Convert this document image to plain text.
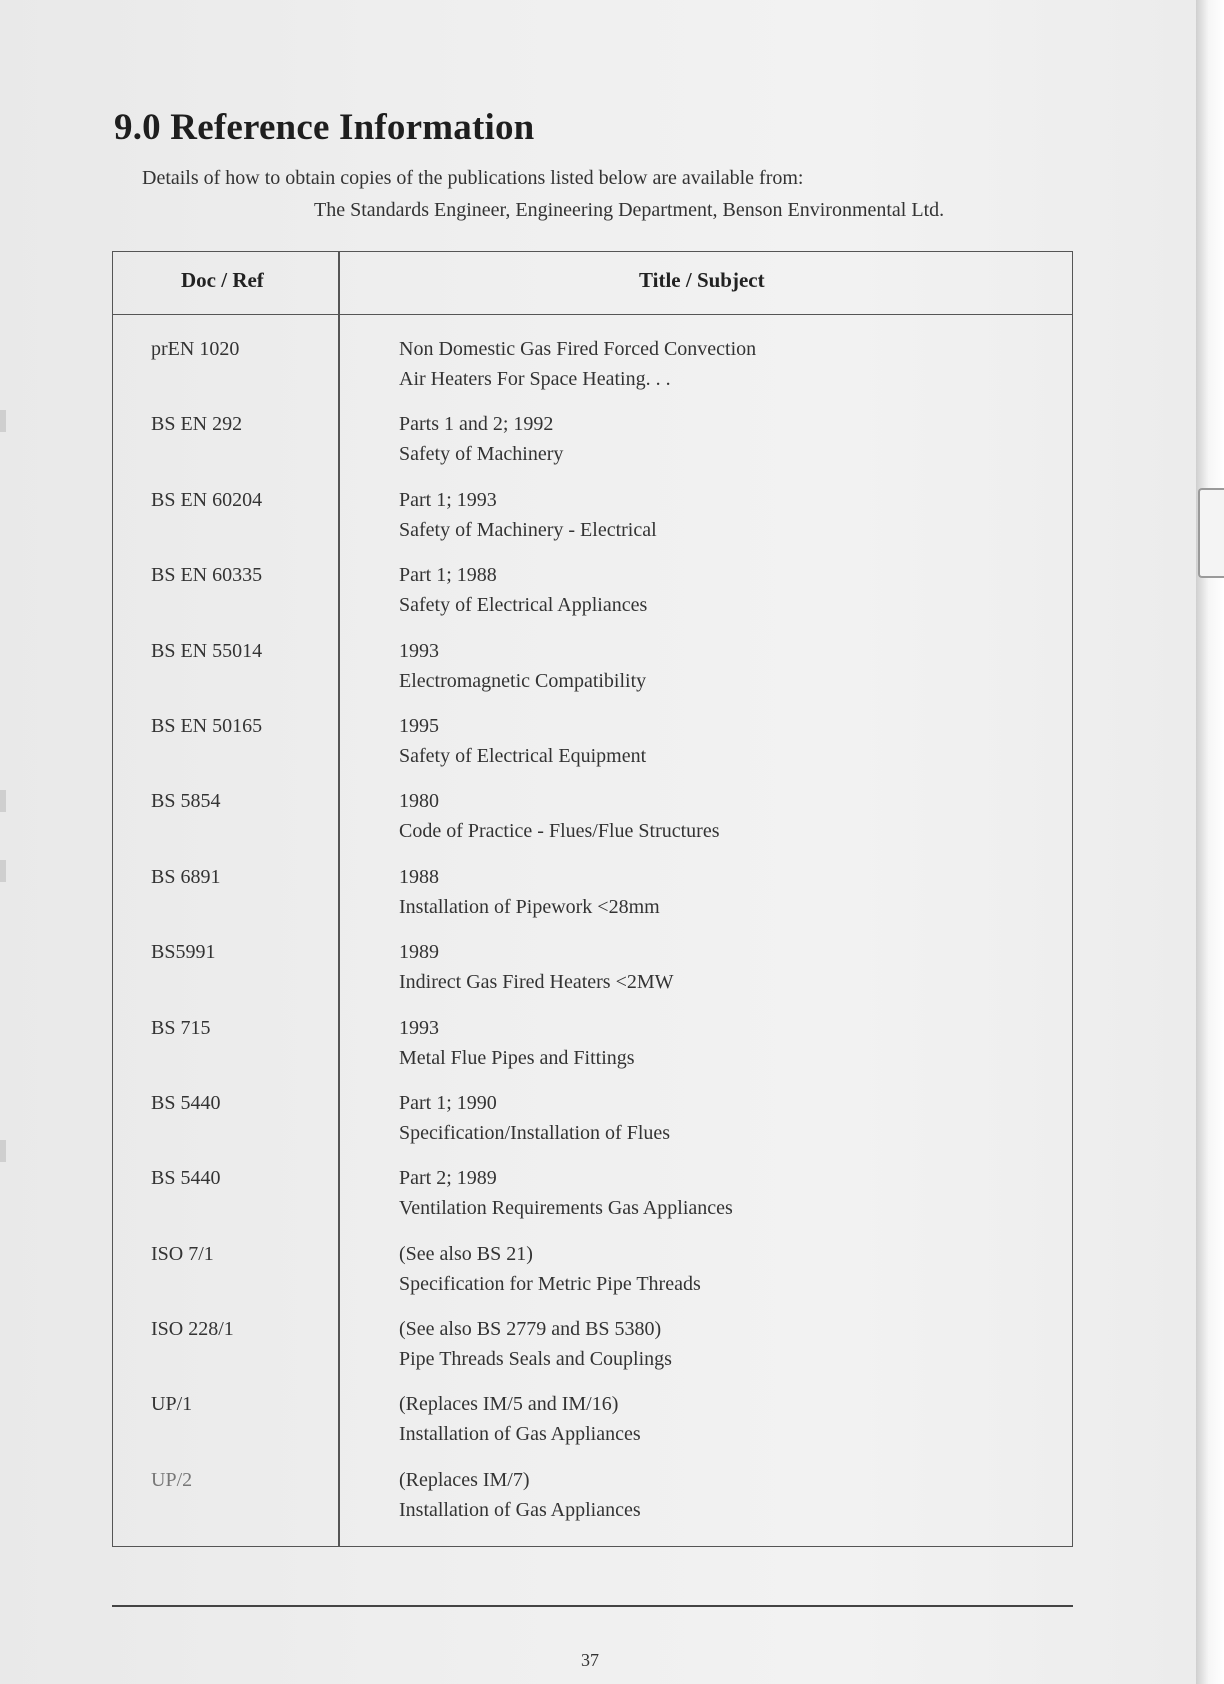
9.0 Reference Information

Details of how to obtain copies of the publications listed below are available from:

The Standards Engineer, Engineering Department, Benson Environmental Ltd.

Doc / Ref	Title / Subject
prEN 1020	Non Domestic Gas Fired Forced Convection
Air Heaters For Space Heating. . .
BS EN 292	Parts 1 and 2; 1992
Safety of Machinery
BS EN 60204	Part 1; 1993
Safety of Machinery - Electrical
BS EN 60335	Part 1; 1988
Safety of Electrical Appliances
BS EN 55014	1993
Electromagnetic Compatibility
BS EN 50165	1995
Safety of Electrical Equipment
BS 5854	1980
Code of Practice - Flues/Flue Structures
BS 6891	1988
Installation of Pipework <28mm
BS5991	1989
Indirect Gas Fired Heaters <2MW
BS 715	1993
Metal Flue Pipes and Fittings
BS 5440	Part 1; 1990
Specification/Installation of Flues
BS 5440	Part 2; 1989
Ventilation Requirements Gas Appliances
ISO 7/1	(See also BS 21)
Specification for Metric Pipe Threads
ISO 228/1	(See also BS 2779 and BS 5380)
Pipe Threads Seals and Couplings
UP/1	(Replaces IM/5 and IM/16)
Installation of Gas Appliances
UP/2	(Replaces IM/7)
Installation of Gas Appliances
37
